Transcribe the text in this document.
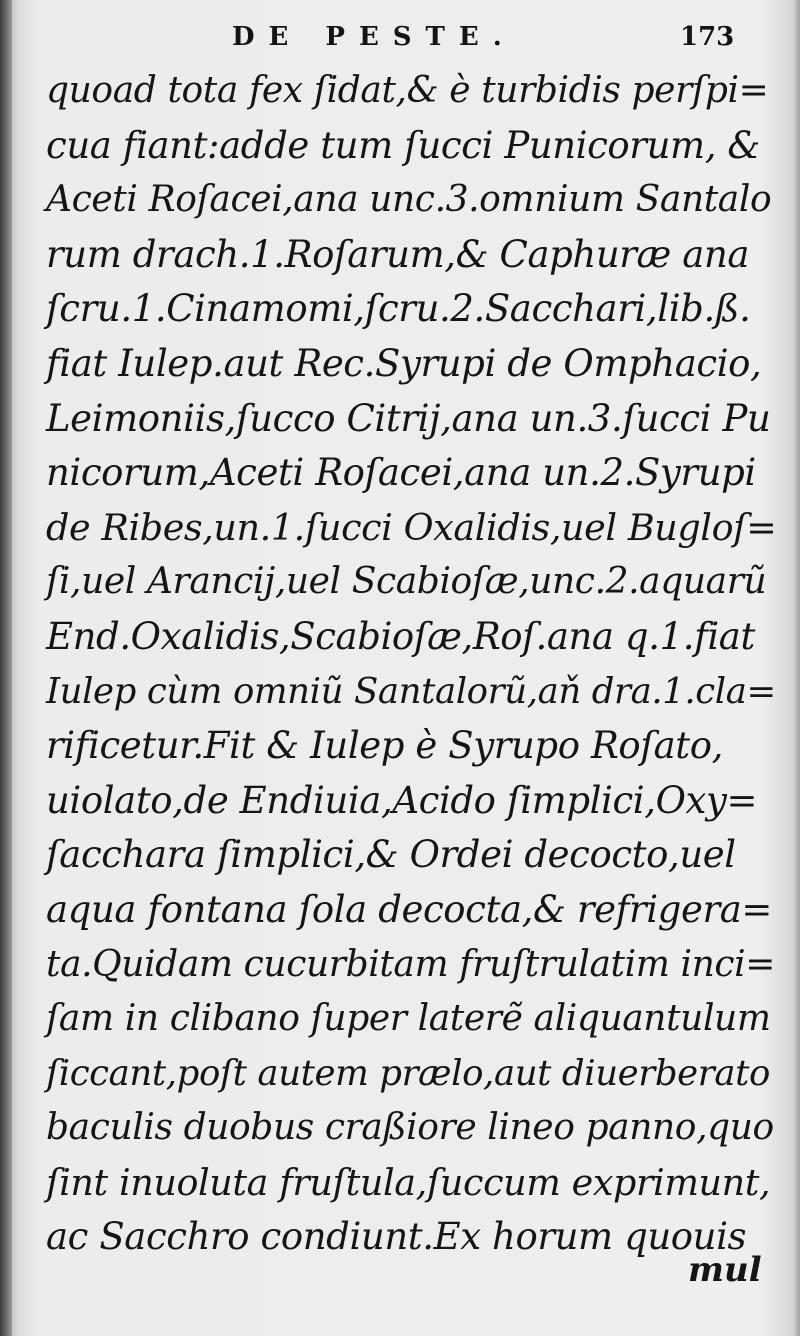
DE PESTE.	173
quoad tota fex ſidat,& è turbidis perſpi=
cua fiant:adde tum ſucci Punicorum, &
Aceti Roſacei,ana unc.3.omnium Santalo
rum drach.1.Roſarum,& Caphuræ ana
ſcru.1.Cinamomi,ſcru.2.Sacchari,lib.ß.
fiat Iulep.aut Rec.Syrupi de Omphacio,
Leimoniis,ſucco Citrij,ana un.3.ſucci Pu
nicorum,Aceti Roſacei,ana un.2.Syrupi
de Ribes,un.1.ſucci Oxalidis,uel Bugloſ=
ſi,uel Arancij,uel Scabioſæ,unc.2.aquarũ
End.Oxalidis,Scabioſæ,Roſ.ana q.1.fiat
Iulep cùm omniũ Santalorũ,aň dra.1.cla=
rificetur.Fit & Iulep è Syrupo Roſato,
uiolato,de Endiuia,Acido ſimplici,Oxy=
ſacchara ſimplici,& Ordei decocto,uel
aqua fontana ſola decocta,& refrigera=
ta.Quidam cucurbitam fruſtrulatim inci=
ſam in clibano ſuper laterẽ aliquantulum
ſiccant,poſt autem prælo,aut diuerberato
baculis duobus craßiore lineo panno,quo
ſint inuoluta fruſtula,ſuccum exprimunt,
ac Sacchro condiunt.Ex horum quouis
mul
